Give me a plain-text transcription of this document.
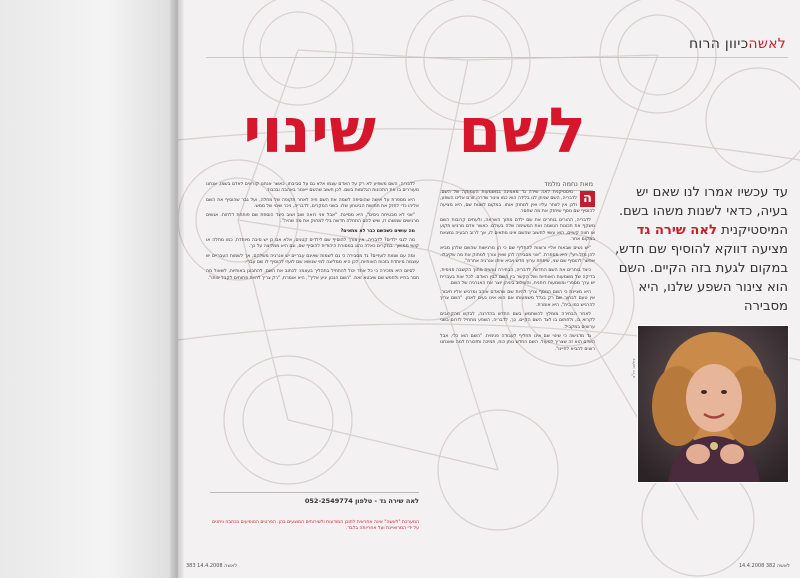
לאשהכיוון הרוח
לשם
שינוי
מאת נחמה מלמד
עד עכשיו אמרו לנו שאם יש בעיה, כדאי לשנות משהו בשם. המיסטיקנית לאה שירה גד מציעה דווקא להוסיף שם חדש, במקום לגעת בזה הקיים. השם הוא צינור השפע שלנו, היא מסבירה
צילום: יח"צ
ה

מיסטיקנית לאה שירה גד מאמינה במשמעות העמוקה של השם. לדבריה, השם שניתן לנו בלידה הוא כמו צינור שדרכו זורם אלינו השפע, ולכן אין לוותר עליו ואין למחוק אותו. במקום לשנות שם, היא מציעה להוסיף שם נוסף שיחזק את מה שחסר.

לדבריה, ההורים בוחרים את שם ילדם מתוך השראה, ולעתים קרובות השם משקף את תכונות הנשמה ואת המשימה שלה בעולם. כאשר אדם מרגיש תקוע או חווה קשיים, הוא עשוי לחשוב שהשם אינו מתאים לו, אך לרוב הבעיה נמצאת במקום אחר.

"יש נשים שבאות אליי ורוצות להחליף שם כי הן מרגישות שהשם שלהן מביא להן מזל רע", היא מספרת. "אני מסבירה להן שאין צורך למחוק את מה שקיבלו. אפשר להוסיף שם שני, שיפתח ערוץ חדש ויביא איתו אנרגיה אחרת".

כיצד בוחרים את השם החדש? לדבריה, הבחירה נעשית מתוך הקשבה פנימית, בדיקה של משמעות האותיות ושל הקשר בין השם לבין האדם. לכל אות בעברית יש ערך מספרי ומשמעות רוחנית, והשילוב ביניהן יוצר את האנרגיה של השם.

היא מציינת כי השם הנוסף צריך להיות שם שהאדם אוהב ומרגיש אליו חיבור. אין טעם לבחור שם רק בגלל משמעותו אם הוא אינו נעים לאוזן. "השם צריך להרגיש כמו בית", היא אומרת.

לאחר הבחירה מומלץ להשתמש בשם החדש בהדרגה, לבקש מהקרובים לקרוא בו, ולחתום בו לצד השם הקיים. כך, לדבריה, השפע מתחיל לזרום בשני ערוצים במקביל.

גד מדגישה כי שינוי שם אינו תחליף לעבודה פנימית. "השם הוא כלי, אבל האדם הוא זה שצריך לפעול. השם החדש נותן כוח, תמיכה ותזכורת למה שאנחנו רוצים להביא לחיינו".

לדבריה, השם משפיע לא רק על האדם עצמו אלא גם על סביבתו. כאשר אנחנו קוראים לאדם בשמו, אנחנו מעוררים בו את התכונות הגלומות בשם. לכן חשוב שהשם ייאמר באהבה ובכבוד.

היא מספרת על אישה שהוסיפה לשמה את השם חיה לאחר תקופה של מחלה, ועל גבר שהוסיף את השם אליהו כדי לחזק את תחושת הביטחון שלו. בשני המקרים, לדבריה, ניכר שינוי של ממש.

"אני לא מבטיחה ניסים", היא מסייגת. "אבל אני רואה שוב ושוב כיצד הוספת שם פותחת דלתות. אנשים מרגישים שמשהו זז, שיש להם התחלה חדשה בלי למחוק את מה שהיה".

מה עושים כשהשם כבר לא מתאים?

מה לגבי ילדים? לדבריה, אין צורך להוסיף שם לילדים קטנים, אלא אם כן יש סיבה מיוחדת, כמו מחלה או קושי ממושך. במקרים כאלה נהוג במסורת היהודית להוסיף שם, וגם היא ממליצה על כך.

ומה עם שמות לועזיים? גד מסבירה כי גם לשמות שאינם עבריים יש אנרגיה משלהם, אך לשמות העבריים יש עוצמה מיוחדת בזכות האותיות. לכן היא ממליצה למי שנושא שם לועזי להוסיף לו שם עברי.

לסיום היא מזכירה כי כל אחד יכול להתחיל בתהליך בעצמו: לכתוב את השם, להתבונן באותיות, לשאול מה חסר בחייו ולחפש שם שיבטא זאת. "השם הנכון יגיע אליך", היא אומרת, "רק צריך להיות פתוחים לקבל אותו".

לאה שירה גד - טלפון 052-2549774
המערכת "לאשה" אינה אחראית לתוכן המודעות ולשירותים המוצעים בהן. הפרטים המופיעים בכתבה ניתנים על ידי המרואיינת ועל אחריותה בלבד.
383 לאשה 14.4.2008	14.4.2008 לאשה 382
